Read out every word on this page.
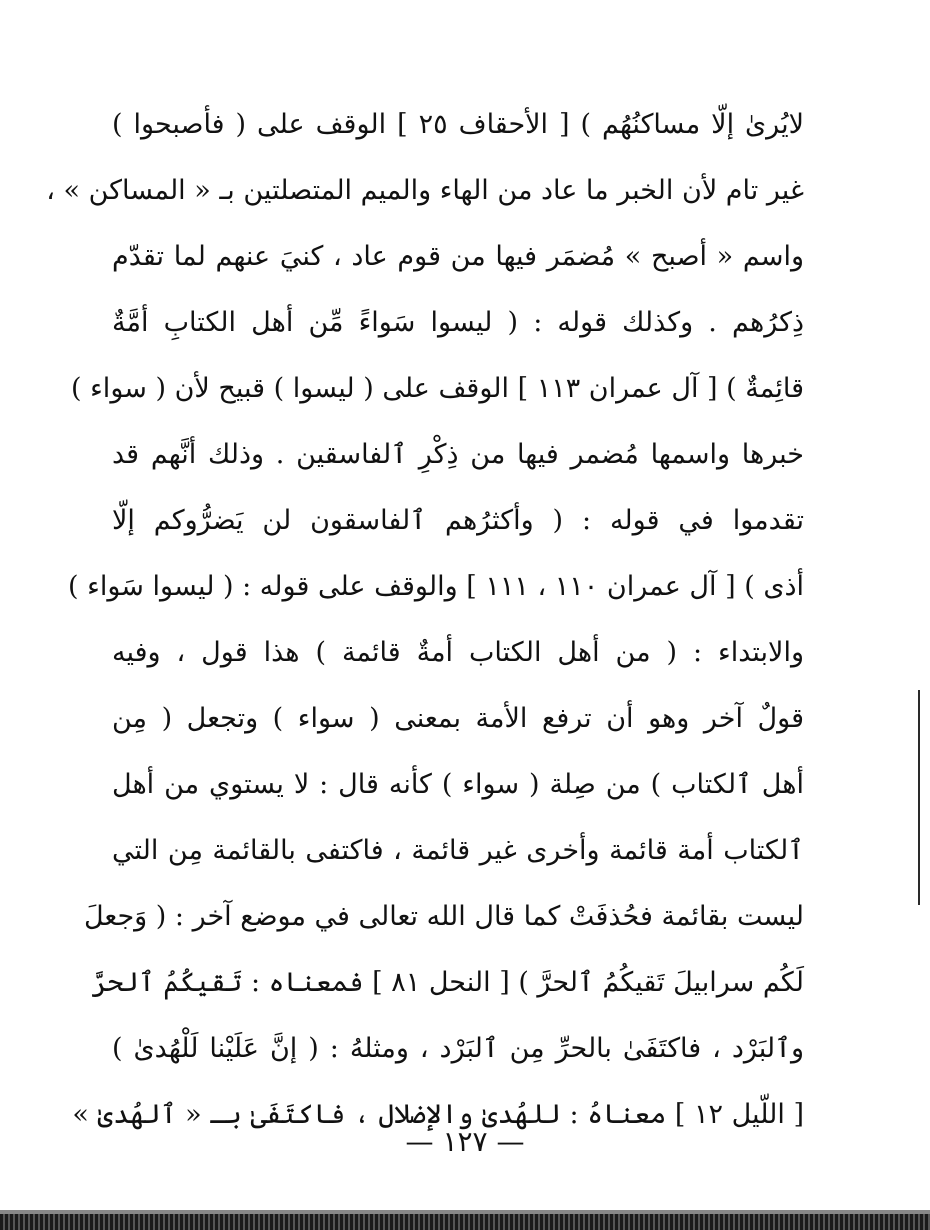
لايُرىٰ إلّا مساكنُهُم ) [ الأحقاف ٢٥ ] الوقف على ( فأصبحوا )
غير تام لأن الخبر ما عاد من الهاء والميم المتصلتين بـ « المساكن » ،
واسم « أصبح » مُضمَر فيها من قوم عاد ، كنيَ عنهم لما تقدّم
ذِكرُهم . وكذلك قوله : ( ليسوا سَواءً مِّن أهل الكتابِ أمَّةٌ
قائِمةٌ ) [ آل عمران ١١٣ ] الوقف على ( ليسوا ) قبيح لأن ( سواء )
خبرها واسمها مُضمر فيها من ذِكْرِ ٱلفاسقين . وذلك أنَّهم قد
تقدموا في قوله : ( وأكثرُهم ٱلفاسقون لن يَضرُّوكم إلّا
أذى ) [ آل عمران ١١٠ ، ١١١ ] والوقف على قوله : ( ليسوا سَواء )
والابتداء : ( من أهل الكتاب أمةٌ قائمة ) هذا قول ، وفيه
قولٌ آخر وهو أن ترفع الأمة بمعنى ( سواء ) وتجعل ( مِن
أهل ٱلكتاب ) من صِلة ( سواء ) كأنه قال : لا يستوي من أهل
ٱلكتاب أمة قائمة وأخرى غير قائمة ، فاكتفى بالقائمة مِن التي
ليست بقائمة فحُذفَتْ كما قال الله تعالى في موضع آخر : ( وَجعلَ
لَكُم سرابيلَ تَقيكُمُ ٱلحرَّ ) [ النحل ٨١ ] فمعناه : تَقيكُمُ ٱلحرَّ
وٱلبَرْد ، فاكتَفَىٰ بالحرِّ مِن ٱلبَرْد ، ومثلهُ : ( إنَّ عَلَيْنا لَلْهُدىٰ )
[ اللّيل ١٢ ] معناهُ : للهُدىٰ والإضلال ، فاكتَفَىٰ بـ « ٱلهُدىٰ »
— ١٢٧ —
